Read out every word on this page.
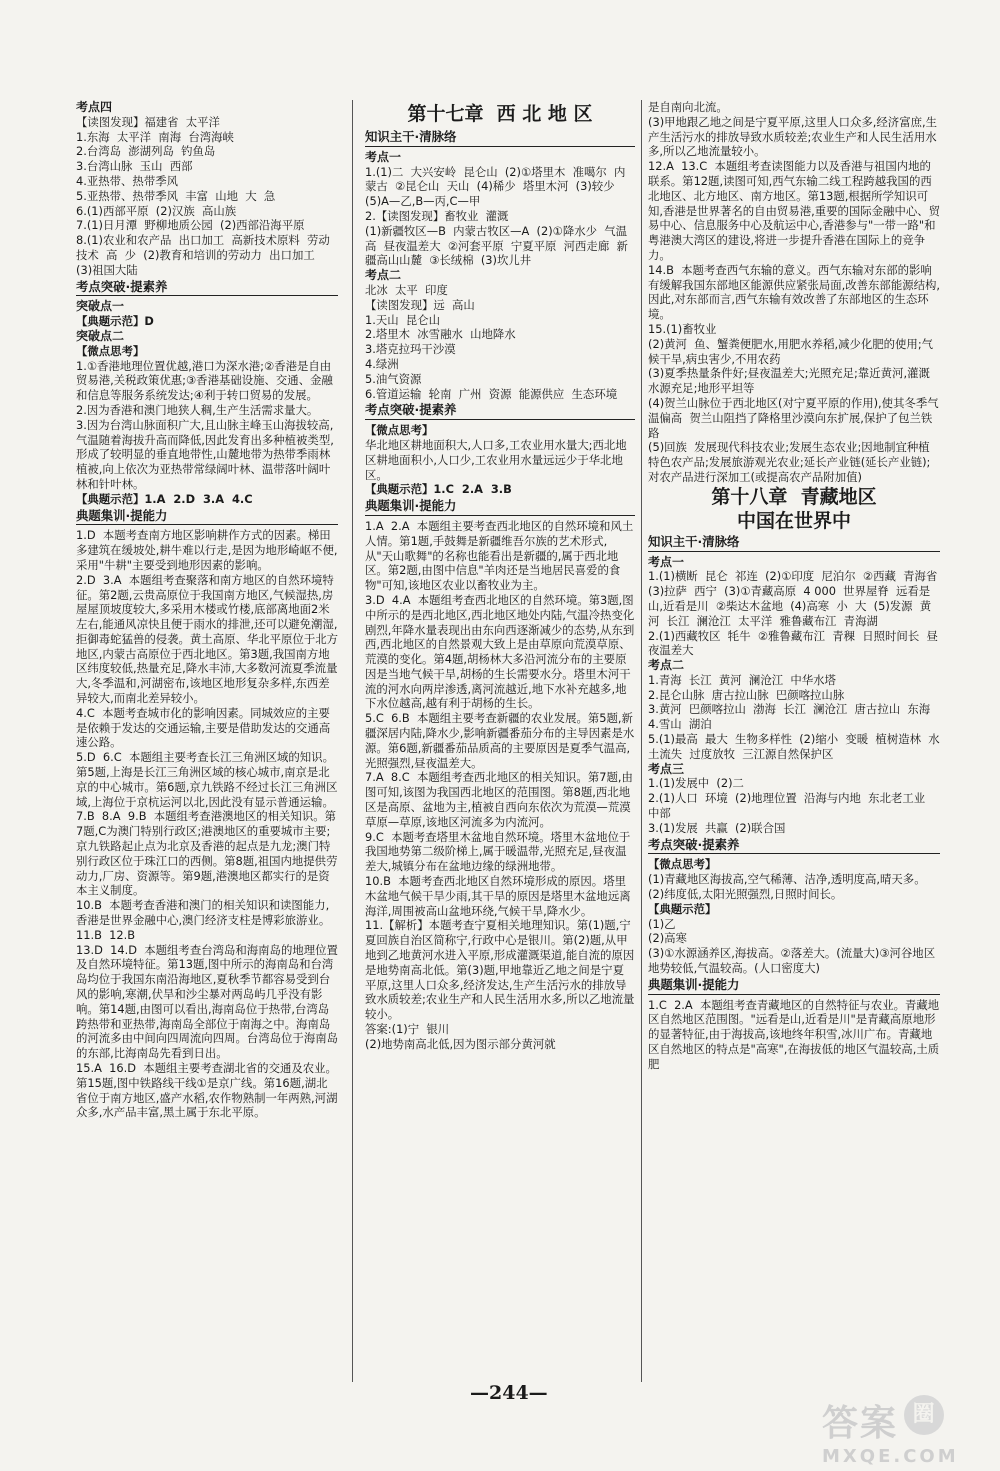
考点四

【读图发现】福建省  太平洋

1.东海  太平洋  南海  台湾海峡

2.台湾岛  澎湖列岛  钓鱼岛

3.台湾山脉  玉山  西部

4.亚热带、热带季风

5.亚热带、热带季风  丰富  山地  大  急

6.(1)西部平原  (2)汉族  高山族

7.(1)日月潭  野柳地质公园  (2)西部沿海平原

8.(1)农业和农产品  出口加工  高新技术原料  劳动  技术  高  少  (2)教育和培训的劳动力  出口加工  (3)祖国大陆

考点突破·提素养

突破点一

【典题示范】D

突破点二

【微点思考】

1.①香港地理位置优越,港口为深水港;②香港是自由贸易港,关税政策优惠;③香港基础设施、交通、金融和信息等服务系统发达;④利于转口贸易的发展。

2.因为香港和澳门地狭人稠,生产生活需求量大。

3.因为台湾山脉面积广大,且山脉主峰玉山海拔较高,气温随着海拔升高而降低,因此发育出多种植被类型,形成了较明显的垂直地带性,山麓地带为热带季雨林植被,向上依次为亚热带常绿阔叶林、温带落叶阔叶林和针叶林。

【典题示范】1.A  2.D  3.A  4.C

典题集训·提能力

1.D  本题考查南方地区影响耕作方式的因素。梯田多建筑在缓坡处,耕牛难以行走,是因为地形崎岖不便,采用"牛耕"主要受到地形因素的影响。

2.D  3.A  本题组考查聚落和南方地区的自然环境特征。第2题,云贵高原位于我国南方地区,气候湿热,房屋屋顶坡度较大,多采用木楼或竹楼,底部离地面2米左右,能通风凉快且便于雨水的排泄,还可以避免潮湿,拒御毒蛇猛兽的侵袭。黄土高原、华北平原位于北方地区,内蒙古高原位于西北地区。第3题,我国南方地区纬度较低,热量充足,降水丰沛,大多数河流夏季流量大,冬季温和,河湖密布,该地区地形复杂多样,东西差异较大,而南北差异较小。

4.C  本题考查城市化的影响因素。同城效应的主要是依赖于发达的交通运输,主要是借助发达的交通高速公路。

5.D  6.C  本题组主要考查长江三角洲区域的知识。第5题,上海是长江三角洲区域的核心城市,南京是北京的中心城市。第6题,京九铁路不经过长江三角洲区域,上海位于京杭运河以北,因此没有显示普通运输。

7.B  8.A  9.B  本题组考查港澳地区的相关知识。第7题,C为澳门特别行政区;港澳地区的重要城市主要;京九铁路起止点为北京及香港的起点是九龙;澳门特别行政区位于珠江口的西侧。第8题,祖国内地提供劳动力,厂房、资源等。第9题,港澳地区都实行的是资本主义制度。

10.B  本题考查香港和澳门的相关知识和读图能力,香港是世界金融中心,澳门经济支柱是博彩旅游业。

11.B  12.B

13.D  14.D  本题组考查台湾岛和海南岛的地理位置及自然环境特征。第13题,图中所示的海南岛和台湾岛均位于我国东南沿海地区,夏秋季节都容易受到台风的影响,寒潮,伏旱和沙尘暴对两岛屿几乎没有影响。第14题,由图可以看出,海南岛位于热带,台湾岛跨热带和亚热带,海南岛全部位于南海之中。海南岛的河流多由中间向四周流向四周。台湾岛位于海南岛的东部,比海南岛先看到日出。

15.A  16.D  本题组主要考查湖北省的交通及农业。第15题,图中铁路线干线①是京广线。第16题,湖北省位于南方地区,盛产水稻,农作物熟制一年两熟,河湖众多,水产品丰富,黑土属于东北平原。

第十七章  西 北 地 区

知识主干·清脉络

考点一

1.(1)二  大兴安岭  昆仑山  (2)①塔里木  准噶尔  内蒙古  ②昆仑山  天山  (4)稀少  塔里木河  (3)较少  (5)A—乙,B—丙,C—甲

2.【读图发现】畜牧业  灌溉

(1)新疆牧区—B  内蒙古牧区—A  (2)①降水少  气温高  昼夜温差大  ②河套平原  宁夏平原  河西走廊  新疆高山山麓  ③长绒棉  (3)坎儿井

考点二

北冰  太平  印度

【读图发现】远  高山

1.天山  昆仑山

2.塔里木  冰雪融水  山地降水

3.塔克拉玛干沙漠

4.绿洲

5.油气资源

6.管道运输  轮南  广州  资源  能源供应  生态环境

考点突破·提素养

【微点思考】

华北地区耕地面积大,人口多,工农业用水量大;西北地区耕地面积小,人口少,工农业用水量远远少于华北地区。

【典题示范】1.C  2.A  3.B

典题集训·提能力

1.A  2.A  本题组主要考查西北地区的自然环境和风土人情。第1题,手鼓舞是新疆维吾尔族的艺术形式,从"天山歌舞"的名称也能看出是新疆的,属于西北地区。第2题,由图中信息"羊肉还是当地居民喜爱的食物"可知,该地区农业以畜牧业为主。

3.D  4.A  本题组考查西北地区的自然环境。第3题,图中所示的是西北地区,西北地区地处内陆,气温冷热变化剧烈,年降水量表现出由东向西逐渐减少的态势,从东到西,西北地区的自然景观大致上是由草原向荒漠草原、荒漠的变化。第4题,胡杨林大多沿河流分布的主要原因是当地气候干旱,胡杨的生长需要水分。塔里木河干流的河水向两岸渗透,离河流越近,地下水补充越多,地下水位越高,越有利于胡杨的生长。

5.C  6.B  本题组主要考查新疆的农业发展。第5题,新疆深居内陆,降水少,影响新疆番茄分布的主导因素是水源。第6题,新疆番茄品质高的主要原因是夏季气温高,光照强烈,昼夜温差大。

7.A  8.C  本题组考查西北地区的相关知识。第7题,由图可知,该图为我国西北地区的范围图。第8题,西北地区是高原、盆地为主,植被自西向东依次为荒漠—荒漠草原—草原,该地区河流多为内流河。

9.C  本题考查塔里木盆地自然环境。塔里木盆地位于我国地势第二级阶梯上,属于暖温带,光照充足,昼夜温差大,城镇分布在盆地边缘的绿洲地带。

10.B  本题考查西北地区自然环境形成的原因。塔里木盆地气候干旱少雨,其干旱的原因是塔里木盆地远离海洋,周围被高山盆地环绕,气候干旱,降水少。

11.【解析】本题考查宁夏相关地理知识。第(1)题,宁夏回族自治区简称宁,行政中心是银川。第(2)题,从甲地到乙地黄河水进入平原,形成灌溉渠道,能自流的原因是地势南高北低。第(3)题,甲地靠近乙地之间是宁夏平原,这里人口众多,经济发达,生产生活污水的排放导致水质较差;农业生产和人民生活用水多,所以乙地流量较小。

答案:(1)宁  银川

(2)地势南高北低,因为图示部分黄河就

是自南向北流。

(3)甲地跟乙地之间是宁夏平原,这里人口众多,经济富庶,生产生活污水的排放导致水质较差;农业生产和人民生活用水多,所以乙地流量较小。

12.A  13.C  本题组考查读图能力以及香港与祖国内地的联系。第12题,读图可知,西气东输二线工程跨越我国的西北地区、北方地区、南方地区。第13题,根据所学知识可知,香港是世界著名的自由贸易港,重要的国际金融中心、贸易中心、信息服务中心及航运中心,香港参与"一带一路"和粤港澳大湾区的建设,将进一步提升香港在国际上的竞争力。

14.B  本题考查西气东输的意义。西气东输对东部的影响有缓解我国东部地区能源供应紧张局面,改善东部能源结构,因此,对东部而言,西气东输有效改善了东部地区的生态环境。

15.(1)畜牧业

(2)黄河  鱼、蟹粪便肥水,用肥水养稻,减少化肥的使用;气候干旱,病虫害少,不用农药

(3)夏季热量条件好;昼夜温差大;光照充足;靠近黄河,灌溉水源充足;地形平坦等

(4)贺兰山脉位于西北地区(对宁夏平原的作用),使其冬季气温偏高  贺兰山阻挡了降格里沙漠向东扩展,保护了包兰铁路

(5)回族  发展现代科技农业;发展生态农业;因地制宜种植特色农产品;发展旅游观光农业;延长产业链(延长产业链);对农产品进行深加工(或提高农产品附加值)

第十八章  青藏地区

中国在世界中

知识主干·清脉络

考点一

1.(1)横断  昆仑  祁连  (2)①印度  尼泊尔  ②西藏  青海省  (3)拉萨  西宁  (3)①青藏高原  4 000  世界屋脊  远看是山,近看是川  ②柴达木盆地  (4)高寒  小  大  (5)发源  黄河  长江  澜沧江  太平洋  雅鲁藏布江  青海湖

2.(1)西藏牧区  牦牛  ②雅鲁藏布江  青稞  日照时间长  昼夜温差大

考点二

1.青海  长江  黄河  澜沧江  中华水塔

2.昆仑山脉  唐古拉山脉  巴颜喀拉山脉

3.黄河  巴颜喀拉山  渤海  长江  澜沧江  唐古拉山  东海

4.雪山  湖泊

5.(1)最高  最大  生物多样性  (2)缩小  变暖  植树造林  水土流失  过度放牧  三江源自然保护区

考点三

1.(1)发展中  (2)二

2.(1)人口  环境  (2)地理位置  沿海与内地  东北老工业  中部

3.(1)发展  共赢  (2)联合国

考点突破·提素养

【微点思考】

(1)青藏地区海拔高,空气稀薄、洁净,透明度高,晴天多。

(2)纬度低,太阳光照强烈,日照时间长。

【典题示范】

(1)乙

(2)高寒

(3)①水源涵养区,海拔高。②落差大。(流量大)③河谷地区地势较低,气温较高。(人口密度大)

典题集训·提能力

1.C  2.A  本题组考查青藏地区的自然特征与农业。青藏地区自然地区范围图。"远看是山,近看是川"是青藏高原地形的显著特征,由于海拔高,该地终年积雪,冰川广布。青藏地区自然地区的特点是"高寒",在海拔低的地区气温较高,土质肥

—244—
答案 圈
MXQE.COM
